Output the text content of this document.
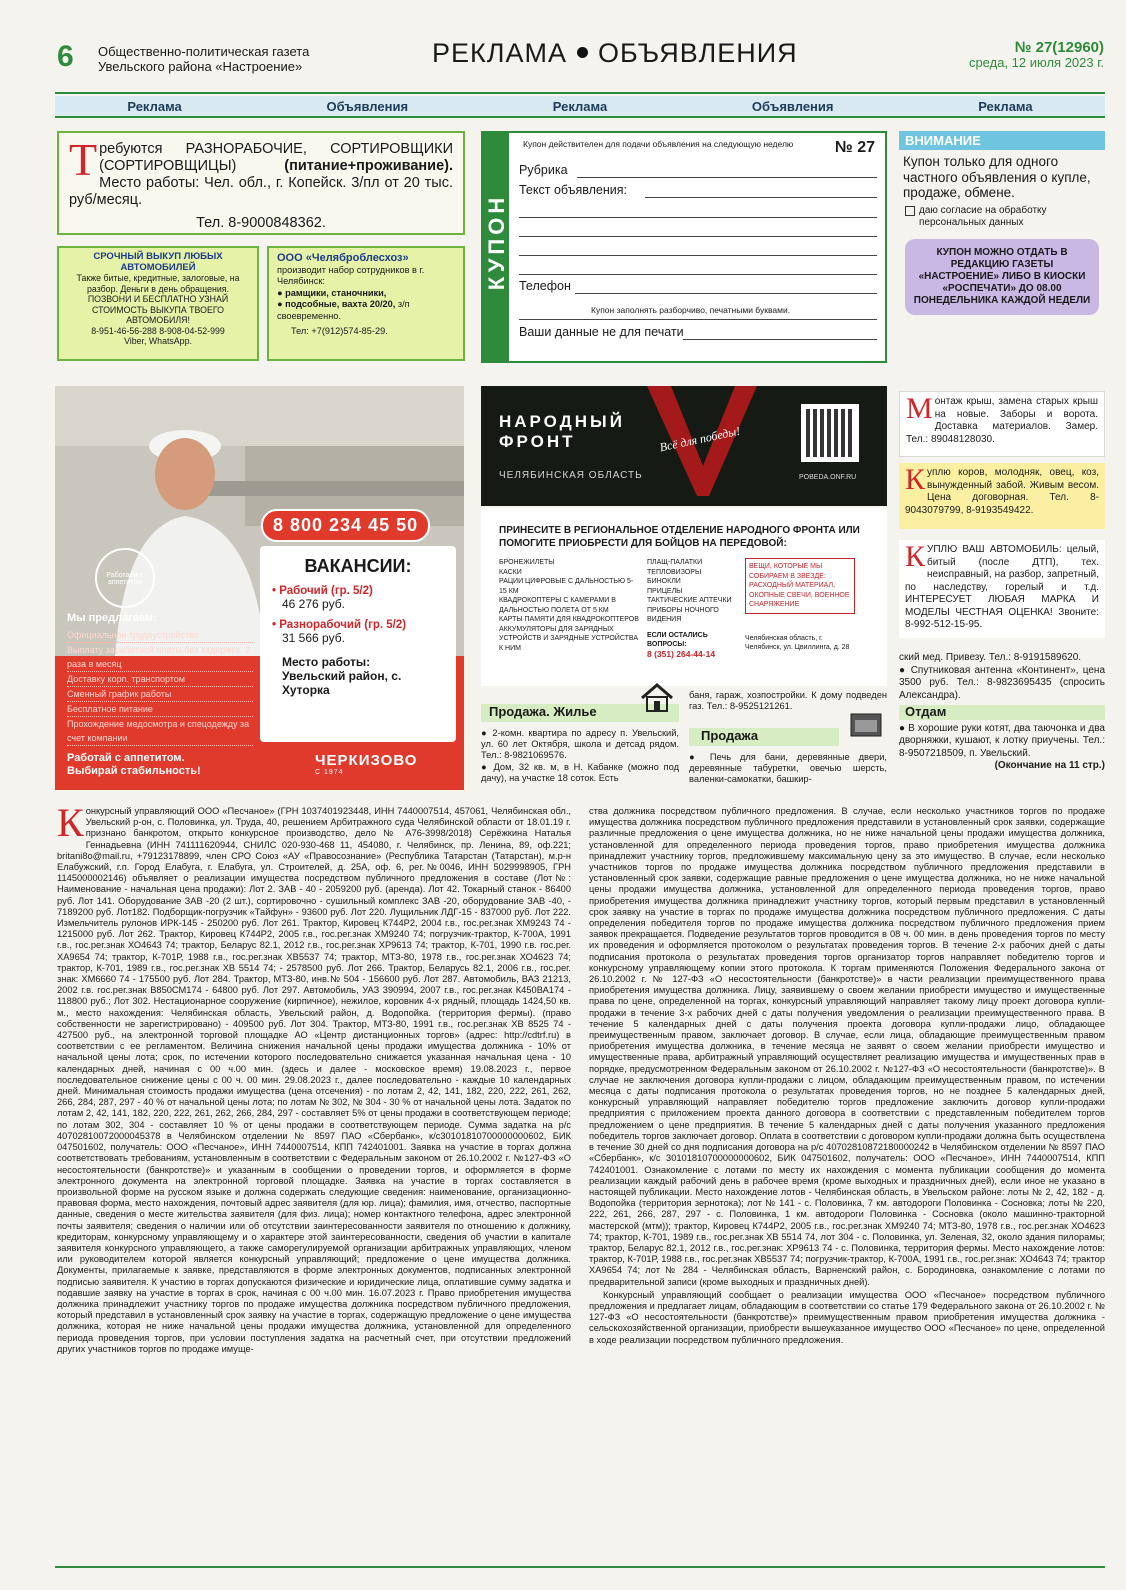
6 Общественно-политическая газета
Увельского района «Настроение»	РЕКЛАМА ОБЪЯВЛЕНИЯ	№ 27(12960)
среда, 12 июля 2023 г.
Реклама	Объявления	Реклама	Объявления	Реклама
Т ребуются РАЗНОРАБОЧИЕ, СОРТИРОВЩИКИ (СОРТИРОВЩИЦЫ)	(питание+проживание). Место работы: Чел. обл., г. Копейск. 3/пл от 20 тыс. руб/месяц.
Тел. 8-9000848362.
СРОЧНЫЙ ВЫКУП ЛЮБЫХ АВТОМОБИЛЕЙ
Также битые, кредитные, залоговые, на разбор. Деньги в день обращения. ПОЗВОНИ И БЕСПЛАТНО УЗНАЙ СТОИМОСТЬ ВЫКУПА ТВОЕГО АВТОМОБИЛЯ!
8-951-46-56-288 8-908-04-52-999
Viber, WhatsApp.
ООО «Челяброблесхоз»
производит набор сотрудников в г. Челябинск:
● рамщики, станочники,
● подсобные, вахта 20/20, з/п своевременно.
Тел: +7(912)574-85-29.
КУПОН
Купон действителен для подачи объявления на следующую неделю	№ 27
Рубрика
Текст объявления:
Телефон
Купон заполнять разборчиво, печатными буквами.
Ваши данные не для печати
ВНИМАНИЕ
Купон только для одного частного объявления о купле, продаже, обмене.
даю согласие на обработку персональных данных
КУПОН МОЖНО ОТДАТЬ В РЕДАКЦИЮ ГАЗЕТЫ «НАСТРОЕНИЕ» ЛИБО В КИОСКИ «РОСПЕЧАТИ» ДО 08.00 ПОНЕДЕЛЬНИКА КАЖДОЙ НЕДЕЛИ
8 800 234 45 50
Работаем с аппетитом
ВАКАНСИИ:
• Рабочий (гр. 5/2)
46 276 руб.
• Разнорабочий (гр. 5/2)
31 566 руб.
Место работы:
Увельский район, с. Хуторка
Мы предлагаем:
Официальное трудоустройство
Выплату заработной платы без задержек, 2 раза в месяц
Доставку корп. транспортом
Сменный график работы
Бесплатное питание
Прохождение медосмотра и спецодежду за счет компании
Работай с аппетитом.
Выбирай стабильность!
ЧЕРКИЗОВО
С 1974
НАРОДНЫЙ
ФРОНТ
ЧЕЛЯБИНСКАЯ ОБЛАСТЬ
Всё для победы!
POBEDA.ONF.RU
ПРИНЕСИТЕ В РЕГИОНАЛЬНОЕ ОТДЕЛЕНИЕ НАРОДНОГО ФРОНТА ИЛИ ПОМОГИТЕ ПРИОБРЕСТИ ДЛЯ БОЙЦОВ НА ПЕРЕДОВОЙ:
БРОНЕЖИЛЕТЫ
КАСКИ
РАЦИИ ЦИФРОВЫЕ С ДАЛЬНОСТЬЮ 5-15 КМ
КВАДРОКОПТЕРЫ С КАМЕРАМИ В ДАЛЬНОСТЬЮ ПОЛЕТА ОТ 5 КМ
КАРТЫ ПАМЯТИ ДЛЯ КВАДРОКОПТЕРОВ
АККУМУЛЯТОРЫ ДЛЯ ЗАРЯДНЫХ УСТРОЙСТВ И ЗАРЯДНЫЕ УСТРОЙСТВА К НИМ
ПЛАЩ-ПАЛАТКИ
ТЕПЛОВИЗОРЫ
БИНОКЛИ
ПРИЦЕЛЫ
ТАКТИЧЕСКИЕ АПТЕЧКИ
ПРИБОРЫ НОЧНОГО ВИДЕНИЯ
ЕСЛИ ОСТАЛИСЬ ВОПРОСЫ:
8 (351) 264-44-14
ВЕЩИ, КОТОРЫЕ МЫ СОБИРАЕМ В ЗВЕЗДЕ: РАСХОДНЫЙ МАТЕРИАЛ, ОКОПНЫЕ СВЕЧИ, ВОЕННОЕ СНАРЯЖЕНИЕ
Челябинская область, г. Челябинск, ул. Цвиллинга, д. 28
Монтаж крыш, замена старых крыш на новые. Заборы и ворота. Доставка материалов. Замер. Тел.: 89048128030.
Куплю коров, молодняк, овец, коз, вынужденный забой. Живым весом. Цена договорная. Тел. 8-9043079799, 8-9193549422.
КУПЛЮ ВАШ АВТОМОБИЛЬ: целый, битый (после ДТП), тех. неисправный, на разбор, запретный, по наследству, горелый и т.д. ИНТЕРЕСУЕТ ЛЮБАЯ МАРКА И МОДЕЛЫ ЧЕСТНАЯ ОЦЕНКА! Звоните: 8-992-512-15-95.
ский мед. Привезу. Тел.: 8-9191589620.
● Спутниковая антенна «Континент», цена 3500 руб. Тел.: 8-9823695435 (спросить Александра).
Отдам
● В хорошие руки котят, два таючонка и два дворняжки, кушают, к лотку приучены. Тел.: 8-9507218509, п. Увельский.
(Окончание на 11 стр.)
Продажа. Жилье
● 2-комн. квартира по адресу п. Увельский, ул. 60 лет Октября, школа и детсад рядом. Тел.: 8-9821069576.
● Дом, 32 кв. м, в Н. Кабанке (можно под дачу), на участке 18 соток. Есть
баня, гараж, хозпостройки. К дому подведен газ. Тел.: 8-9525121261.
Продажа
● Печь для бани, деревянные двери, деревянные табуретки, овечью шерсть, валенки-самокатки, башкир-
Конкурсный управляющий ООО «Песчаное» (ГРН 1037401923448, ИНН 7440007514, 457061, Челябинская обл., Увельский р-он, с. Половинка, ул. Труда, 40, решением Арбитражного суда Челябинской области от 18.01.19 г. признано банкротом, открыто конкурсное производство, дело № А76-3998/2018) Серёжкина Наталья Геннадьевна (ИНН 741111620944, СНИЛС 020-930-468 11, 454080, г. Челябинск, пр. Ленина, 89, оф.221; britani8o@mail.ru, +79123178899, член СРО Союз «АУ «Правосознание» (Республика Татарстан (Татарстан), м.р-н Елабужский, г.п. Город Елабуга, г. Елабуга, ул. Строителей, д. 25А, оф. 6, рег.№0046, ИНН 5029998905, ГРН 1145000002146) объявляет о реализации имущества посредством публичного предложения в составе (Лот№: Наименование - начальная цена продажи): Лот 2. ЗАВ - 40 - 2059200 руб. (аренда). Лот 42. Токарный станок - 86400 руб. Лот 141. Оборудование ЗАВ -20 (2 шт.), сортировочно - сушильный комплекс ЗАВ -20, оборудование ЗАВ -40, - 7189200 руб. Лот182. Подборщик-погрузчик «Тайфун» - 93600 руб. Лот 220. Лущильник ЛДГ-15 - 837000 руб. Лот 222. Измельчитель рулонов ИРК-145 - 250200 руб. Лот 261. Трактор, Кировец К744Р2, 2004 г.в., гос.рег.знак ХМ9243 74 - 1215000 руб. Лот 262. Трактор, Кировец К744Р2, 2005 г.в., гос.рег.знак ХМ9240 74; погрузчик-трактор, К-700А, 1991 г.в., гос.рег.знак ХО4643 74; трактор, Беларус 82.1, 2012 г.в., гос.рег.знак ХР9613 74; трактор, К-701, 1990 г.в. гос.рег. ХА9654 74; трактор, К-701Р, 1988 г.в., гос.рег.знак ХВ5537 74; трактор, МТЗ-80, 1978 г.в., гос.рег.знак ХО4623 74; трактор, К-701, 1989 г.в., гос.рег.знак ХВ 5514 74; - 2578500 руб. Лот 266. Трактор, Беларусь 82.1, 2006 г.в., гос.рег. знак: ХМ6660 74 - 175500 руб. Лот 284. Трактор, МТЗ-80, инв.№ 504 - 156600 руб. Лот 287. Автомобиль, ВАЗ 21213, 2002 г.в. гос.рег.знак В850СМ174 - 64800 руб. Лот 297. Автомобиль, УАЗ 390994, 2007 г.в., гос.рег.знак К450ВА174 - 118800 руб.; Лот 302. Нестационарное сооружение (кирпичное), нежилое, коровник 4-х рядный, площадь 1424,50 кв. м., место нахождения: Челябинская область, Увельский район, д. Водопойка. (территория фермы). (право собственности не зарегистрировано) - 409500 руб. Лот 304. Трактор, МТЗ-80, 1991 г.в., гос.рег.знак ХВ 8525 74 - 427500 руб., на электронной торговой площадке АО «Центр дистанционных торгов» (адрес: http://cdtrf.ru) в соответствии с ее регламентом. Величина снижения начальной цены продажи имущества должника - 10% от начальной цены лота; срок, по истечении которого последовательно снижается указанная начальная цена - 10 календарных дней, начиная с 00 ч.00 мин. (здесь и далее - московское время) 19.08.2023 г., первое последовательное снижение цены с 00 ч. 00 мин. 29.08.2023 г., далее последовательно - каждые 10 календарных дней. Минимальная стоимость продажи имущества (цена отсечения) - по лотам 2, 42, 141, 182, 220, 222, 261, 262, 266, 284, 287, 297 - 40 % от начальной цены лота; по лотам № 302, № 304 - 30 % от начальной цены лота. Задаток по лотам 2, 42, 141, 182, 220, 222, 261, 262, 266, 284, 297 - составляет 5% от цены продажи в соответствующем периоде; по лотам 302, 304 - составляет 10 % от цены продажи в соответствующем периоде. Сумма задатка на р/с 40702810072000045378 в Челябинском отделении № 8597 ПАО «Сбербанк», к/с30101810700000000602, БИК 047501602, получатель: ООО «Песчаное», ИНН 7440007514, КПП 742401001. Заявка на участие в торгах должна соответствовать требованиям, установленным в соответствии с Федеральным законом от 26.10.2002 г. №127-ФЗ «О несостоятельности (банкротстве)» и указанным в сообщении о проведении торгов, и оформляется в форме электронного документа на электронной торговой площадке. Заявка на участие в торгах составляется в произвольной форме на русском языке и должна содержать следующие сведения: наименование, организационно-правовая форма, место нахождения, почтовый адрес заявителя (для юр. лица); фамилия, имя, отчество, паспортные данные, сведения о месте жительства заявителя (для физ. лица); номер контактного телефона, адрес электронной почты заявителя; сведения о наличии или об отсутствии заинтересованности заявителя по отношению к должнику, кредиторам, конкурсному управляющему и о характере этой заинтересованности, сведения об участии в капитале заявителя конкурсного управляющего, а также саморегулируемой организации арбитражных управляющих, членом или руководителем которой является конкурсный управляющий; предложение о цене имущества должника. Документы, прилагаемые к заявке, представляются в форме электронных документов, подписанных электронной подписью заявителя. К участию в торгах допускаются физические и юридические лица, оплатившие сумму задатка и подавшие заявку на участие в торгах в срок, начиная с 00 ч.00 мин. 16.07.2023 г. Право приобретения имущества должника принадлежит участнику торгов по продаже имущества должника посредством публичного предложения, который представил в установленный срок заявку на участие в торгах, содержащую предложение о цене имущества должника, которая не ниже начальной цены продажи имущества должника, установленной для определенного периода проведения торгов, при условии поступления задатка на расчетный счет, при отсутствии предложений других участников торгов по продаже имуще-
ства должника посредством публичного предложения. В случае, если несколько участников торгов по продаже имущества должника посредством публичного предложения представили в установленный срок заявки, содержащие различные предложения о цене имущества должника, но не ниже начальной цены продажи имущества должника, установленной для определенного периода проведения торгов, право приобретения имущества должника принадлежит участнику торгов, предложившему максимальную цену за это имущество. В случае, если несколько участников торгов по продаже имущества должника посредством публичного предложения представили в установленный срок заявки, содержащие равные предложения о цене имущества должника, но не ниже начальной цены продажи имущества должника, установленной для определенного периода проведения торгов, право приобретения имущества должника принадлежит участнику торгов, который первым представил в установленный срок заявку на участие в торгах по продаже имущества должника посредством публичного предложения. С даты определения победителя торгов по продаже имущества должника посредством публичного предложения прием заявок прекращается. Подведение результатов торгов проводится в 08 ч. 00 мин. в день проведения торгов по месту их проведения и оформляется протоколом о результатах проведения торгов. В течение 2-х рабочих дней с даты подписания протокола о результатах проведения торгов организатор торгов направляет победителю торгов и конкурсному управляющему копии этого протокола. К торгам применяются Положения Федерального закона от 26.10.2002 г. № 127-ФЗ «О несостоятельности (банкротстве)» в части реализации преимущественного права приобретения имущества должника. Лицу, заявившему о своем желании приобрести имущество и имущественные права по цене, определенной на торгах, конкурсный управляющий направляет такому лицу проект договора купли-продажи в течение 3-х рабочих дней с даты получения уведомления о реализации преимущественного права. В течение 5 календарных дней с даты получения проекта договора купли-продажи лицо, обладающее преимущественным правом, заключает договор. В случае, если лица, обладающие преимущественным правом приобретения имущества должника, в течение месяца не заявят о своем желании приобрести имущество и имущественные права, арбитражный управляющий осуществляет реализацию имущества и имущественных прав в порядке, предусмотренном Федеральным законом от 26.10.2002 г. №127-ФЗ «О несостоятельности (банкротстве)». В случае не заключения договора купли-продажи с лицом, обладающим преимущественным правом, по истечении месяца с даты подписания протокола о результатах проведения торгов, но не позднее 5 календарных дней, конкурсный управляющий направляет победителю торгов предложение заключить договор купли-продажи предприятия с приложением проекта данного договора в соответствии с представленным победителем торгов предложением о цене предприятия. В течение 5 календарных дней с даты получения указанного предложения победитель торгов заключает договор. Оплата в соответствии с договором купли-продажи должна быть осуществлена в течение 30 дней со дня подписания договора на р/с 40702810872180000242 в Челябинском отделении № 8597 ПАО «Сбербанк», к/с 30101810700000000602, БИК 047501602, получатель: ООО «Песчаное», ИНН 7440007514, КПП 742401001. Ознакомление с лотами по месту их нахождения с момента публикации сообщения до момента реализации каждый рабочий день в рабочее время (кроме выходных и праздничных дней), если иное не указано в настоящей публикации. Место нахождение лотов - Челябинская область, в Увельском районе: лоты № 2, 42, 182 - д. Водопойка (территория зернотока); лот № 141 - с. Половинка, 7 км. автодороги Половинка - Сосновка; лоты № 220, 222, 261, 266, 287, 297 - с. Половинка, 1 км. автодороги Половинка - Сосновка (около машинно-тракторной мастерской (мтм)); трактор, Кировец К744Р2, 2005 г.в., гос.рег.знак ХМ9240 74; МТЗ-80, 1978 г.в., гос.рег.знак ХО4623 74; трактор, К-701, 1989 г.в., гос.рег.знак ХВ 5514 74, лот 304 - с. Половинка, ул. Зеленая, 32, около здания пилорамы; трактор, Беларус 82.1, 2012 г.в., гос.рег.знак: ХР9613 74 - с. Половинка, территория фермы. Место нахождение лотов: трактор, К-701Р, 1988 г.в., гос.рег.знак ХВ5537 74; погрузчик-трактор, К-700А, 1991 г.в., гос.рег.знак: ХО4643 74; трактор ХА9654 74; лот № 284 - Челябинская область, Варненский район, с. Бородиновка, ознакомление с лотами по предварительной записи (кроме выходных и праздничных дней).
Конкурсный управляющий сообщает о реализации имущества ООО «Песчаное» посредством публичного предложения и предлагает лицам, обладающим в соответствии со статье 179 Федерального закона от 26.10.2002 г. № 127-ФЗ «О несостоятельности (банкротстве)» преимущественным правом приобретения имущества должника - сельскохозяйственной организации, приобрести вышеуказанное имущество ООО «Песчаное» по цене, определенной в ходе реализации посредством публичного предложения.
